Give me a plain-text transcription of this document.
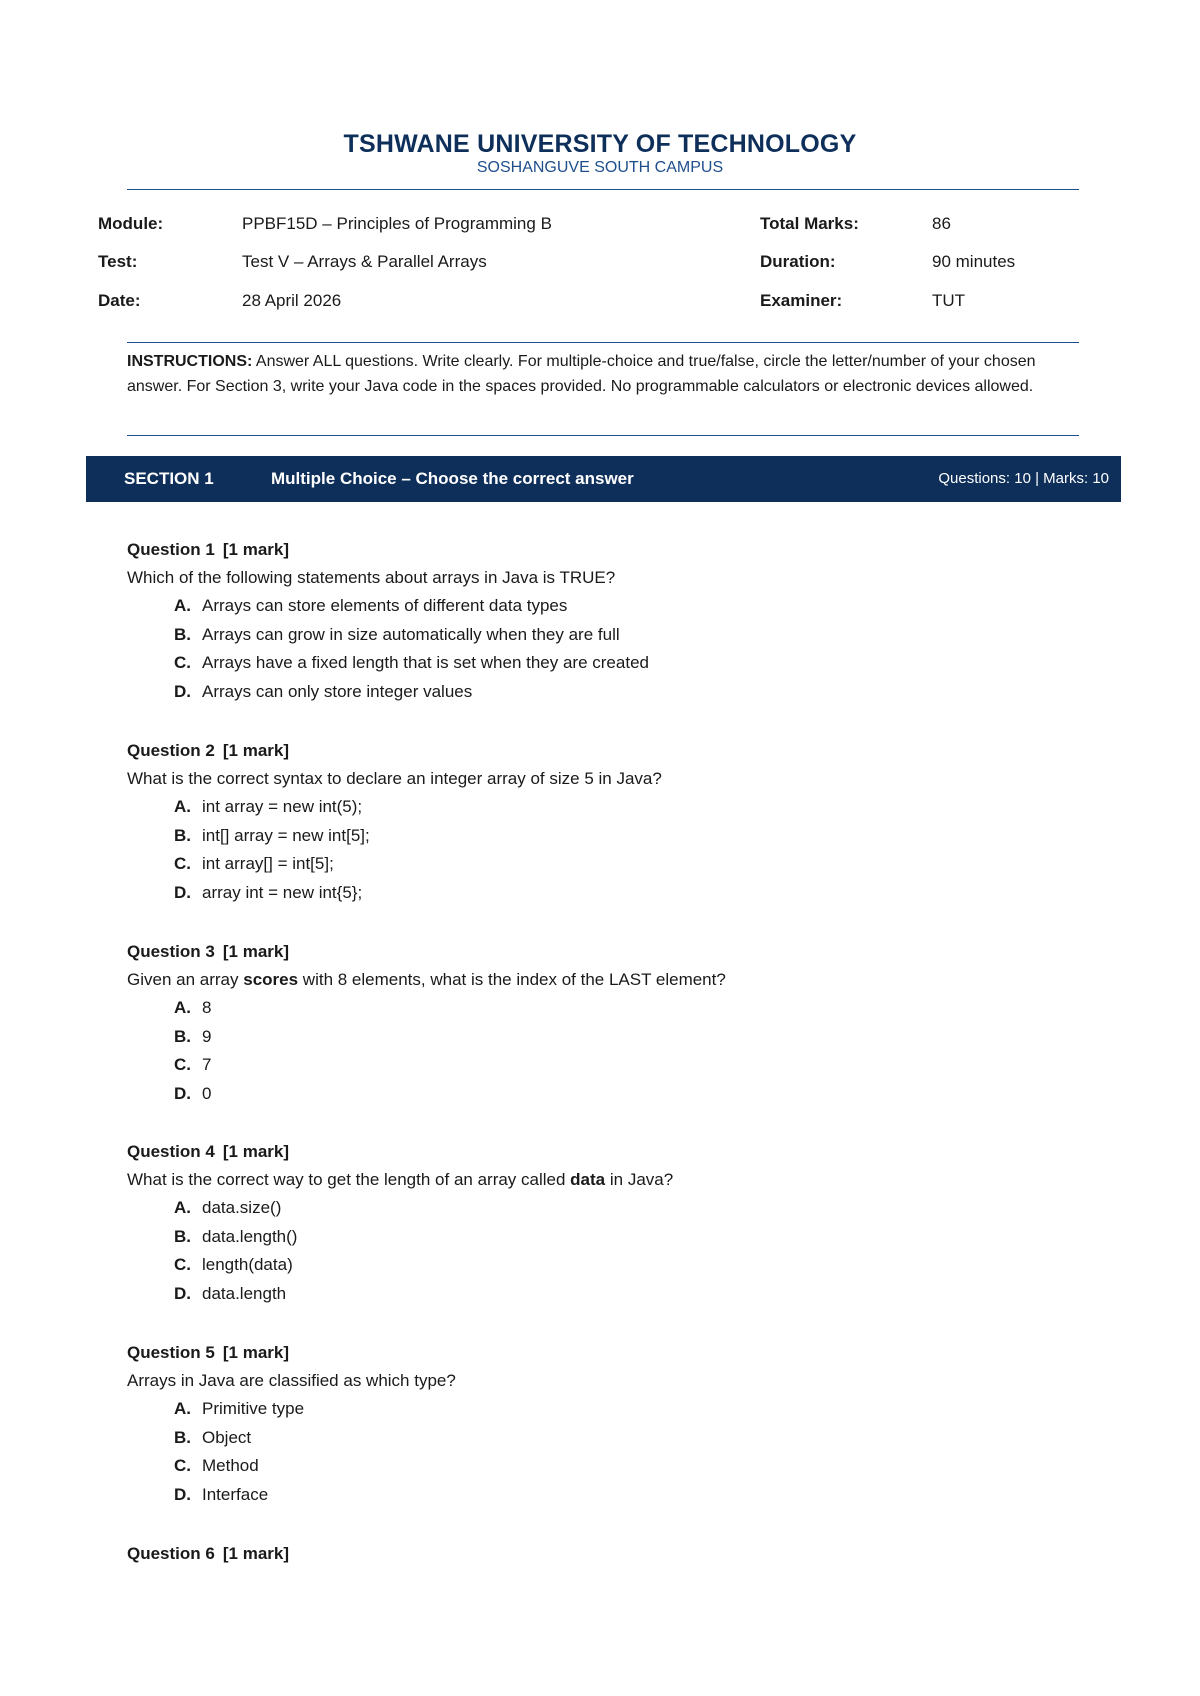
TSHWANE UNIVERSITY OF TECHNOLOGY
SOSHANGUVE SOUTH CAMPUS
Module:	PPBF15D – Principles of Programming B	Total Marks:	86
Test:	Test V – Arrays & Parallel Arrays	Duration:	90 minutes
Date:	28 April 2026	Examiner:	TUT
INSTRUCTIONS: Answer ALL questions. Write clearly. For multiple-choice and true/false, circle the letter/number of your chosen answer. For Section 3, write your Java code in the spaces provided. No programmable calculators or electronic devices allowed.
SECTION 1	Multiple Choice – Choose the correct answer	Questions: 10 | Marks: 10
Question 1 [1 mark]
Which of the following statements about arrays in Java is TRUE?
A. Arrays can store elements of different data types
B. Arrays can grow in size automatically when they are full
C. Arrays have a fixed length that is set when they are created
D. Arrays can only store integer values
Question 2 [1 mark]
What is the correct syntax to declare an integer array of size 5 in Java?
A. int array = new int(5);
B. int[] array = new int[5];
C. int array[] = int[5];
D. array int = new int{5};
Question 3 [1 mark]
Given an array scores with 8 elements, what is the index of the LAST element?
A. 8
B. 9
C. 7
D. 0
Question 4 [1 mark]
What is the correct way to get the length of an array called data in Java?
A. data.size()
B. data.length()
C. length(data)
D. data.length
Question 5 [1 mark]
Arrays in Java are classified as which type?
A. Primitive type
B. Object
C. Method
D. Interface
Question 6 [1 mark]
